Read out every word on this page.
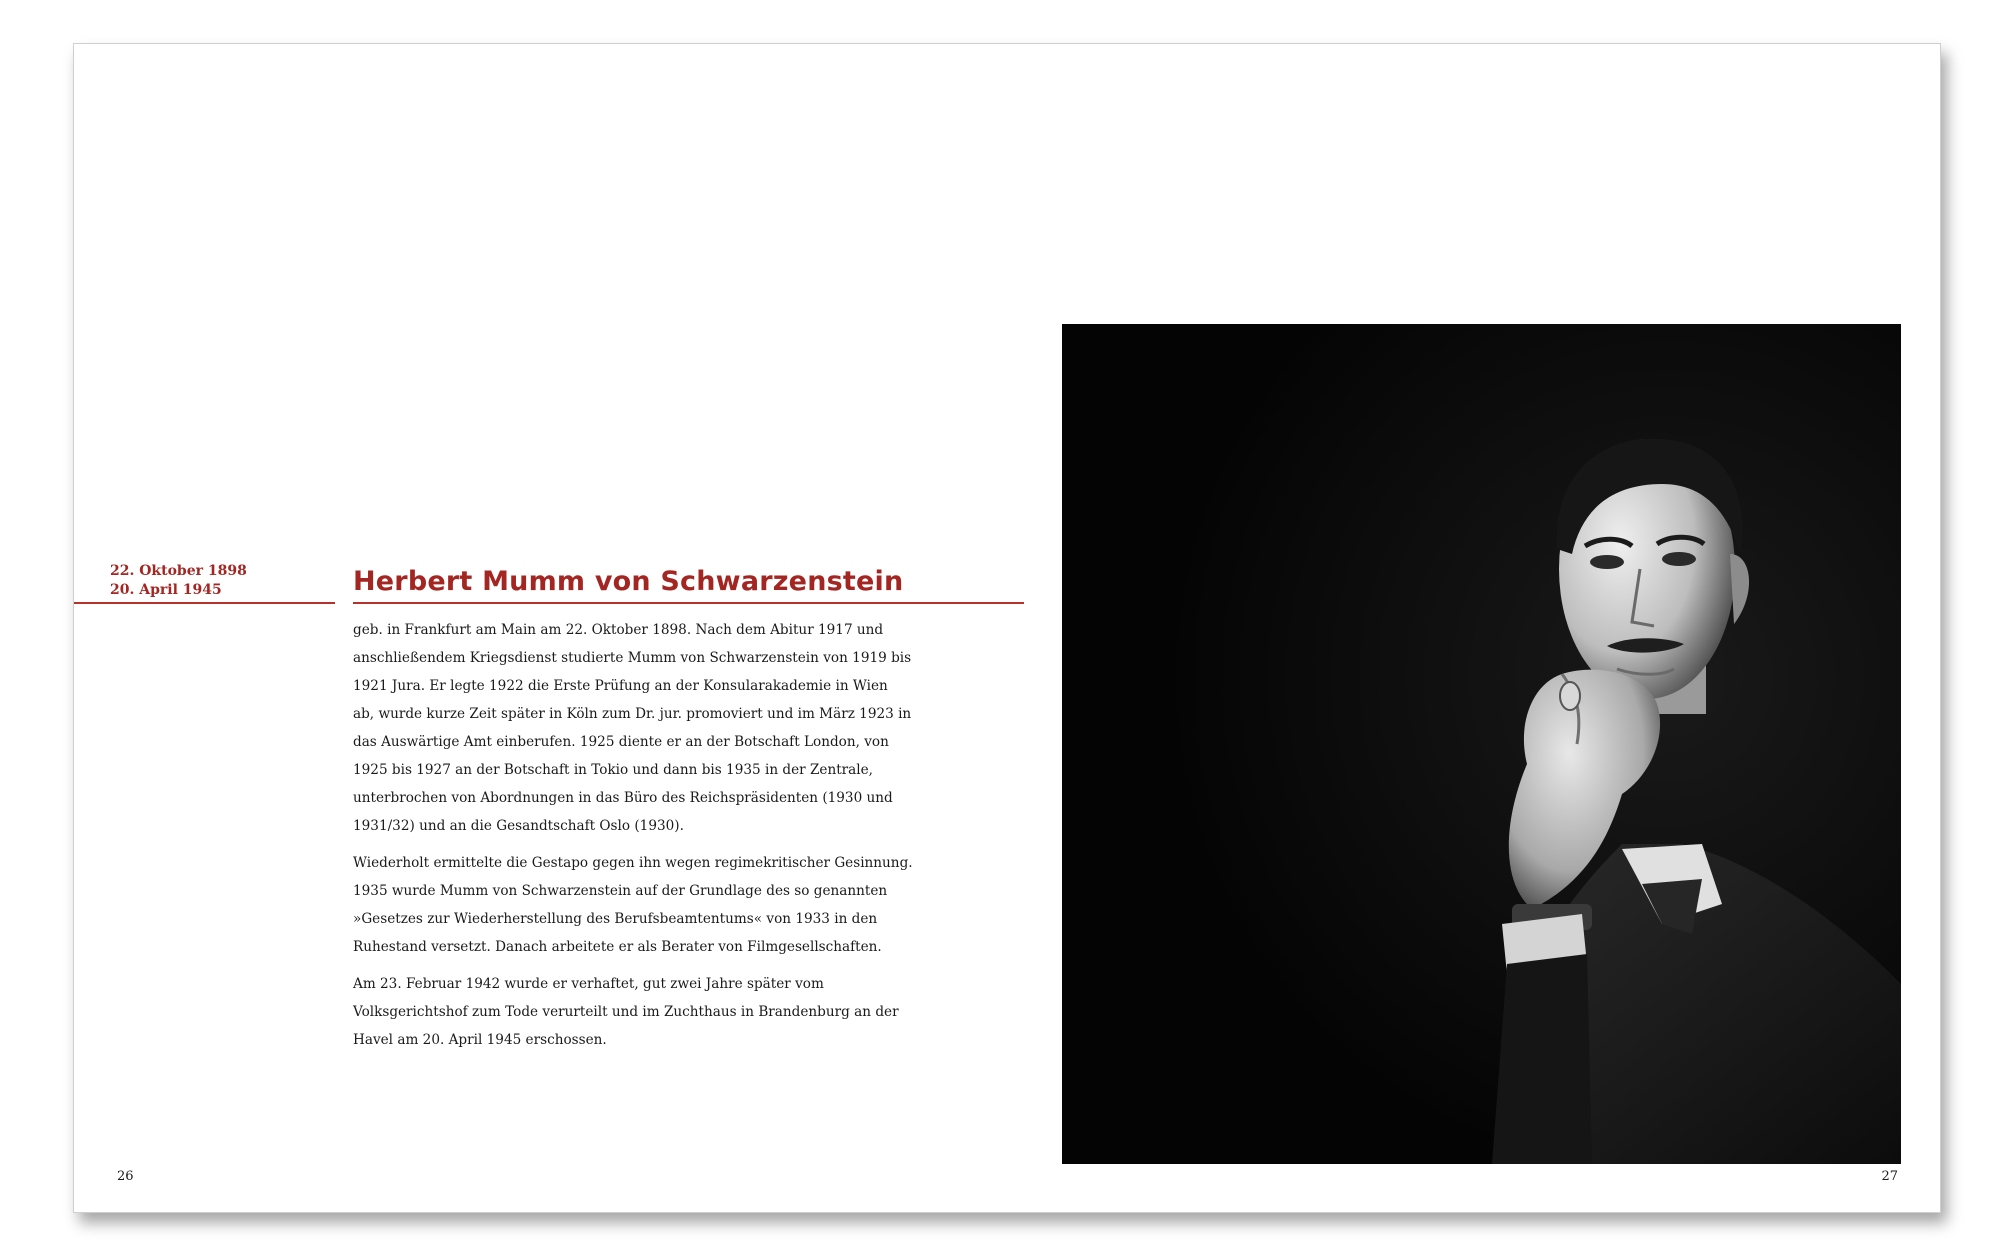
22. Oktober 1898
20. April 1945	Herbert Mumm von Schwarzenstein

geb. in Frankfurt am Main am 22. Oktober 1898. Nach dem Abitur 1917 und anschließendem Kriegsdienst studierte Mumm von Schwarzenstein von 1919 bis 1921 Jura. Er legte 1922 die Erste Prüfung an der Konsularakademie in Wien ab, wurde kurze Zeit später in Köln zum Dr. jur. promoviert und im März 1923 in das Auswärtige Amt einberufen. 1925 diente er an der Botschaft London, von 1925 bis 1927 an der Botschaft in Tokio und dann bis 1935 in der Zentrale, unterbrochen von Abordnungen in das Büro des Reichspräsidenten (1930 und 1931/32) und an die Gesandtschaft Oslo (1930).

Wiederholt ermittelte die Gestapo gegen ihn wegen regimekritischer Gesinnung. 1935 wurde Mumm von Schwarzenstein auf der Grundlage des so genannten »Gesetzes zur Wiederherstellung des Berufsbeamtentums« von 1933 in den Ruhestand versetzt. Danach arbeitete er als Berater von Filmgesellschaften.

Am 23. Februar 1942 wurde er verhaftet, gut zwei Jahre später vom Volksgerichtshof zum Tode verurteilt und im Zuchthaus in Brandenburg an der Havel am 20. April 1945 erschossen.

26	27
